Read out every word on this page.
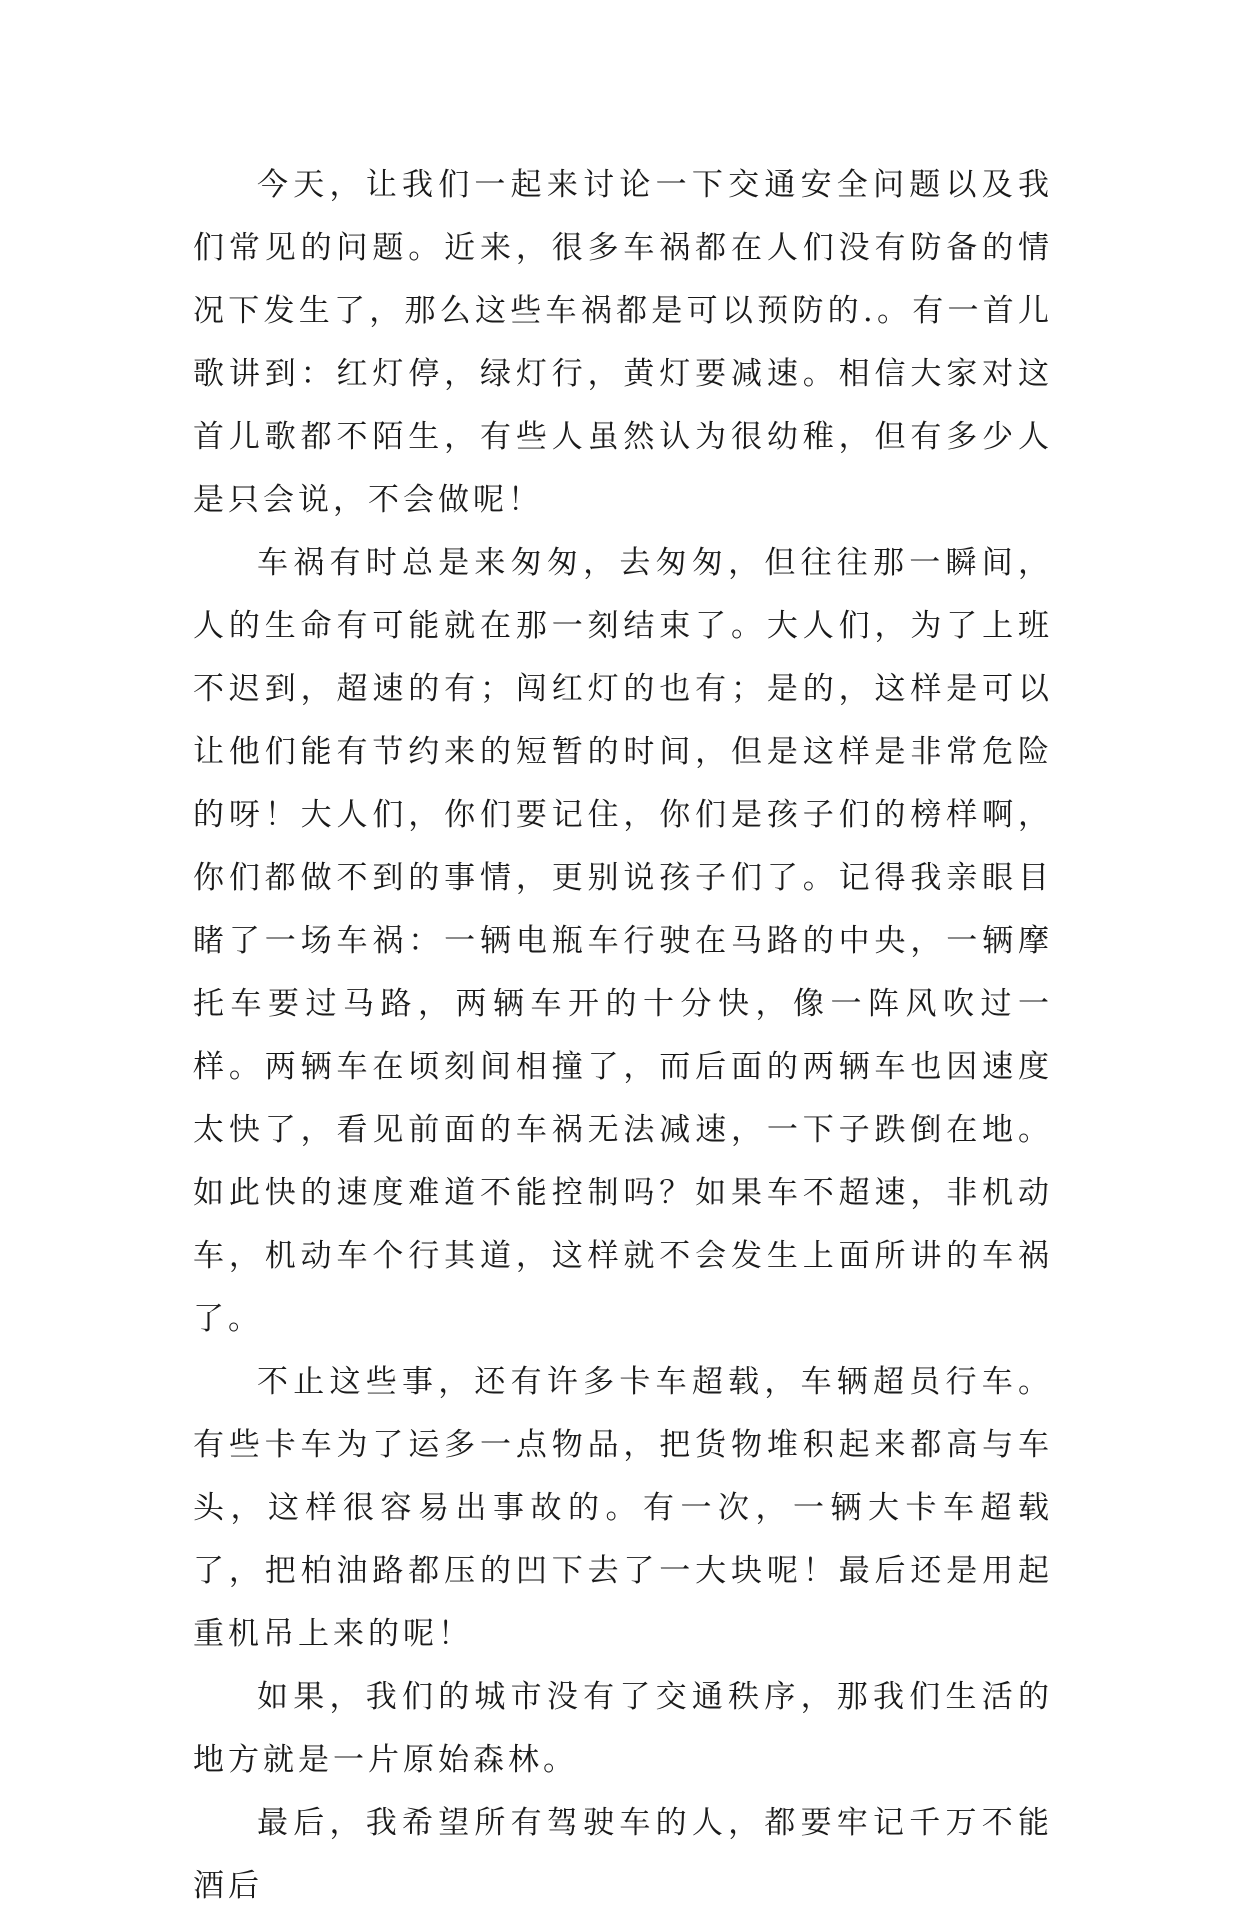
今天，让我们一起来讨论一下交通安全问题以及我们常见的问题。近来，很多车祸都在人们没有防备的情况下发生了，那么这些车祸都是可以预防的.。有一首儿歌讲到：红灯停，绿灯行，黄灯要减速。相信大家对这首儿歌都不陌生，有些人虽然认为很幼稚，但有多少人是只会说，不会做呢！

车祸有时总是来匆匆，去匆匆，但往往那一瞬间，人的生命有可能就在那一刻结束了。大人们，为了上班不迟到，超速的有；闯红灯的也有；是的，这样是可以让他们能有节约来的短暂的时间，但是这样是非常危险的呀！大人们，你们要记住，你们是孩子们的榜样啊，你们都做不到的事情，更别说孩子们了。记得我亲眼目睹了一场车祸：一辆电瓶车行驶在马路的中央，一辆摩托车要过马路，两辆车开的十分快，像一阵风吹过一样。两辆车在顷刻间相撞了，而后面的两辆车也因速度太快了，看见前面的车祸无法减速，一下子跌倒在地。如此快的速度难道不能控制吗？如果车不超速，非机动车，机动车个行其道，这样就不会发生上面所讲的车祸了。

不止这些事，还有许多卡车超载，车辆超员行车。有些卡车为了运多一点物品，把货物堆积起来都高与车头，这样很容易出事故的。有一次，一辆大卡车超载了，把柏油路都压的凹下去了一大块呢！最后还是用起重机吊上来的呢！

如果，我们的城市没有了交通秩序，那我们生活的地方就是一片原始森林。

最后，我希望所有驾驶车的人，都要牢记千万不能酒后
